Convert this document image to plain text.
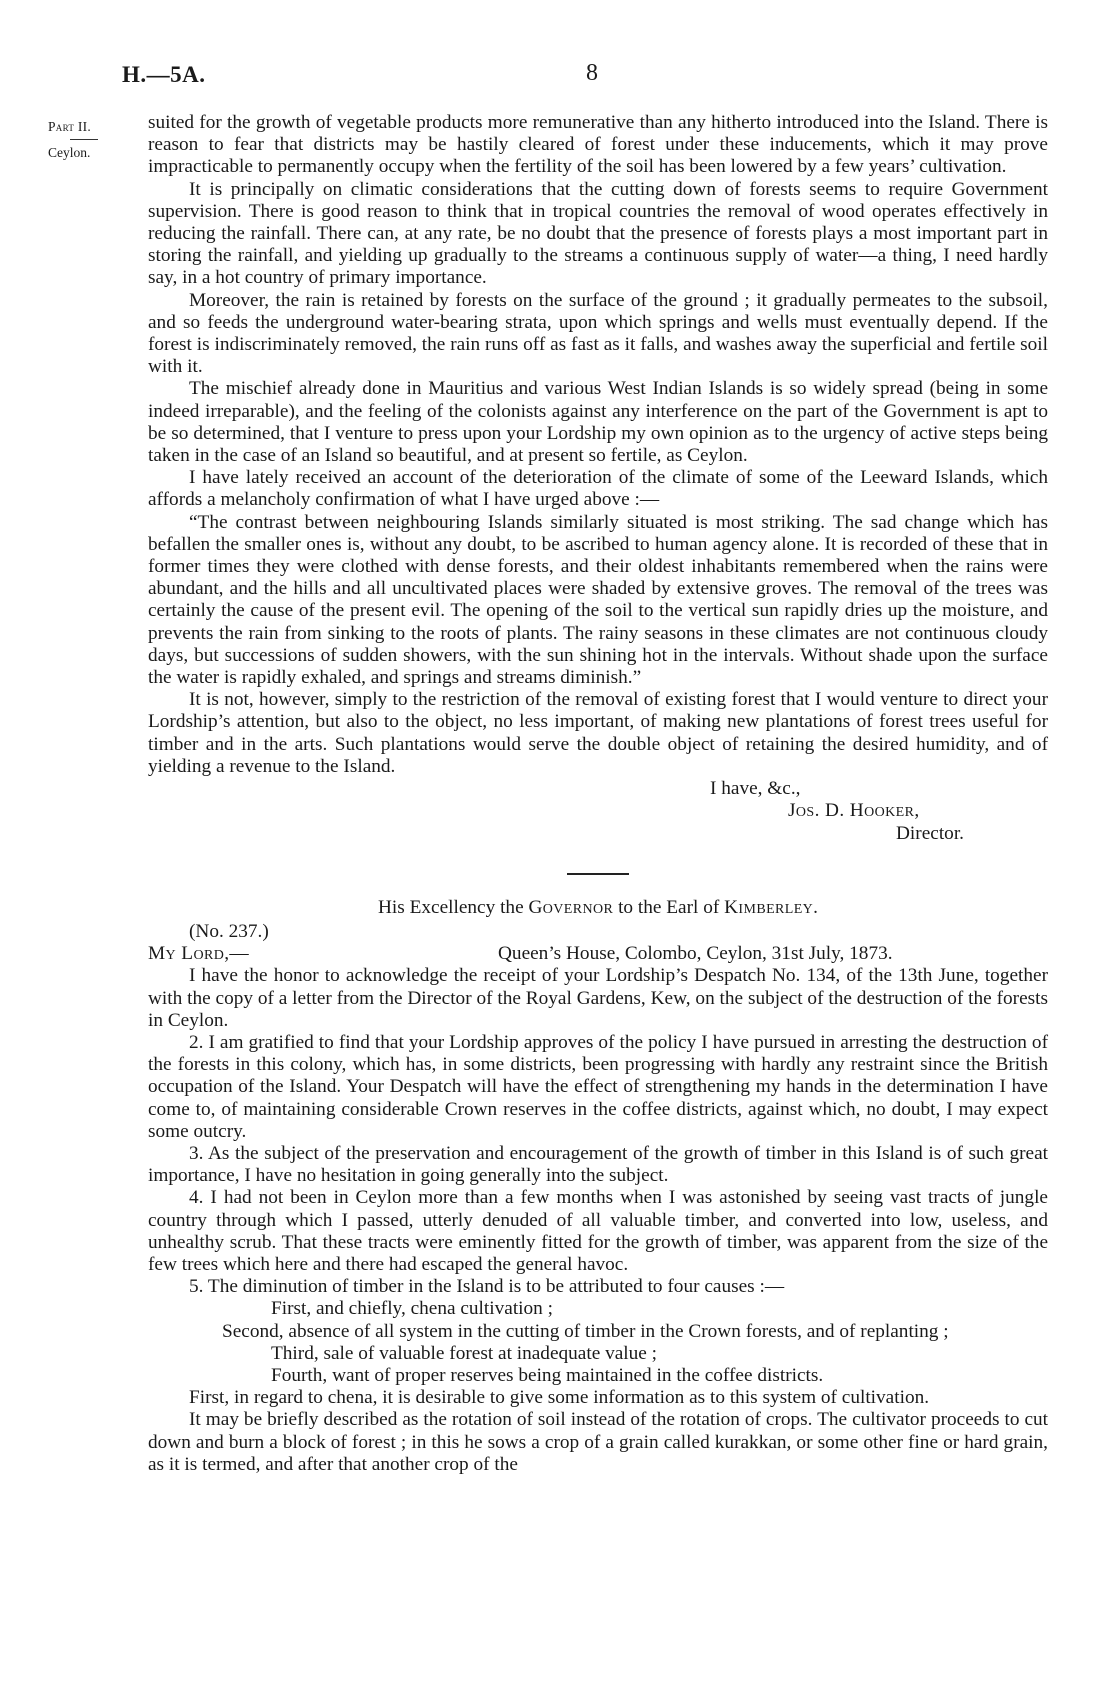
H.—5A.	8
Part II.
Ceylon.

suited for the growth of vegetable products more remunerative than any hitherto introduced into the Island. There is reason to fear that districts may be hastily cleared of forest under these inducements, which it may prove impracticable to permanently occupy when the fertility of the soil has been lowered by a few years’ cultivation.

It is principally on climatic considerations that the cutting down of forests seems to require Government supervision. There is good reason to think that in tropical countries the removal of wood operates effectively in reducing the rainfall. There can, at any rate, be no doubt that the presence of forests plays a most important part in storing the rainfall, and yielding up gradually to the streams a continuous supply of water—a thing, I need hardly say, in a hot country of primary importance.

Moreover, the rain is retained by forests on the surface of the ground ; it gradually permeates to the subsoil, and so feeds the underground water-bearing strata, upon which springs and wells must eventually depend. If the forest is indiscriminately removed, the rain runs off as fast as it falls, and washes away the superficial and fertile soil with it.

The mischief already done in Mauritius and various West Indian Islands is so widely spread (being in some indeed irreparable), and the feeling of the colonists against any interference on the part of the Government is apt to be so determined, that I venture to press upon your Lordship my own opinion as to the urgency of active steps being taken in the case of an Island so beautiful, and at present so fertile, as Ceylon.

I have lately received an account of the deterioration of the climate of some of the Leeward Islands, which affords a melancholy confirmation of what I have urged above :—

“The contrast between neighbouring Islands similarly situated is most striking. The sad change which has befallen the smaller ones is, without any doubt, to be ascribed to human agency alone. It is recorded of these that in former times they were clothed with dense forests, and their oldest inhabitants remembered when the rains were abundant, and the hills and all uncultivated places were shaded by extensive groves. The removal of the trees was certainly the cause of the present evil. The opening of the soil to the vertical sun rapidly dries up the moisture, and prevents the rain from sinking to the roots of plants. The rainy seasons in these climates are not continuous cloudy days, but successions of sudden showers, with the sun shining hot in the intervals. Without shade upon the surface the water is rapidly exhaled, and springs and streams diminish.”

It is not, however, simply to the restriction of the removal of existing forest that I would venture to direct your Lordship’s attention, but also to the object, no less important, of making new plantations of forest trees useful for timber and in the arts. Such plantations would serve the double object of retaining the desired humidity, and of yielding a revenue to the Island.

I have, &c.,
Jos. D. Hooker,
Director.
His Excellency the Governor to the Earl of Kimberley.
(No. 237.)
My Lord,—	Queen’s House, Colombo, Ceylon, 31st July, 1873.

I have the honor to acknowledge the receipt of your Lordship’s Despatch No. 134, of the 13th June, together with the copy of a letter from the Director of the Royal Gardens, Kew, on the subject of the destruction of the forests in Ceylon.

2. I am gratified to find that your Lordship approves of the policy I have pursued in arresting the destruction of the forests in this colony, which has, in some districts, been progressing with hardly any restraint since the British occupation of the Island. Your Despatch will have the effect of strengthening my hands in the determination I have come to, of maintaining considerable Crown reserves in the coffee districts, against which, no doubt, I may expect some outcry.

3. As the subject of the preservation and encouragement of the growth of timber in this Island is of such great importance, I have no hesitation in going generally into the subject.

4. I had not been in Ceylon more than a few months when I was astonished by seeing vast tracts of jungle country through which I passed, utterly denuded of all valuable timber, and converted into low, useless, and unhealthy scrub. That these tracts were eminently fitted for the growth of timber, was apparent from the size of the few trees which here and there had escaped the general havoc.

5. The diminution of timber in the Island is to be attributed to four causes :—

First, and chiefly, chena cultivation ;

Second, absence of all system in the cutting of timber in the Crown forests, and of replanting ;

Third, sale of valuable forest at inadequate value ;

Fourth, want of proper reserves being maintained in the coffee districts.

First, in regard to chena, it is desirable to give some information as to this system of cultivation.

It may be briefly described as the rotation of soil instead of the rotation of crops. The cultivator proceeds to cut down and burn a block of forest ; in this he sows a crop of a grain called kurakkan, or some other fine or hard grain, as it is termed, and after that another crop of the
